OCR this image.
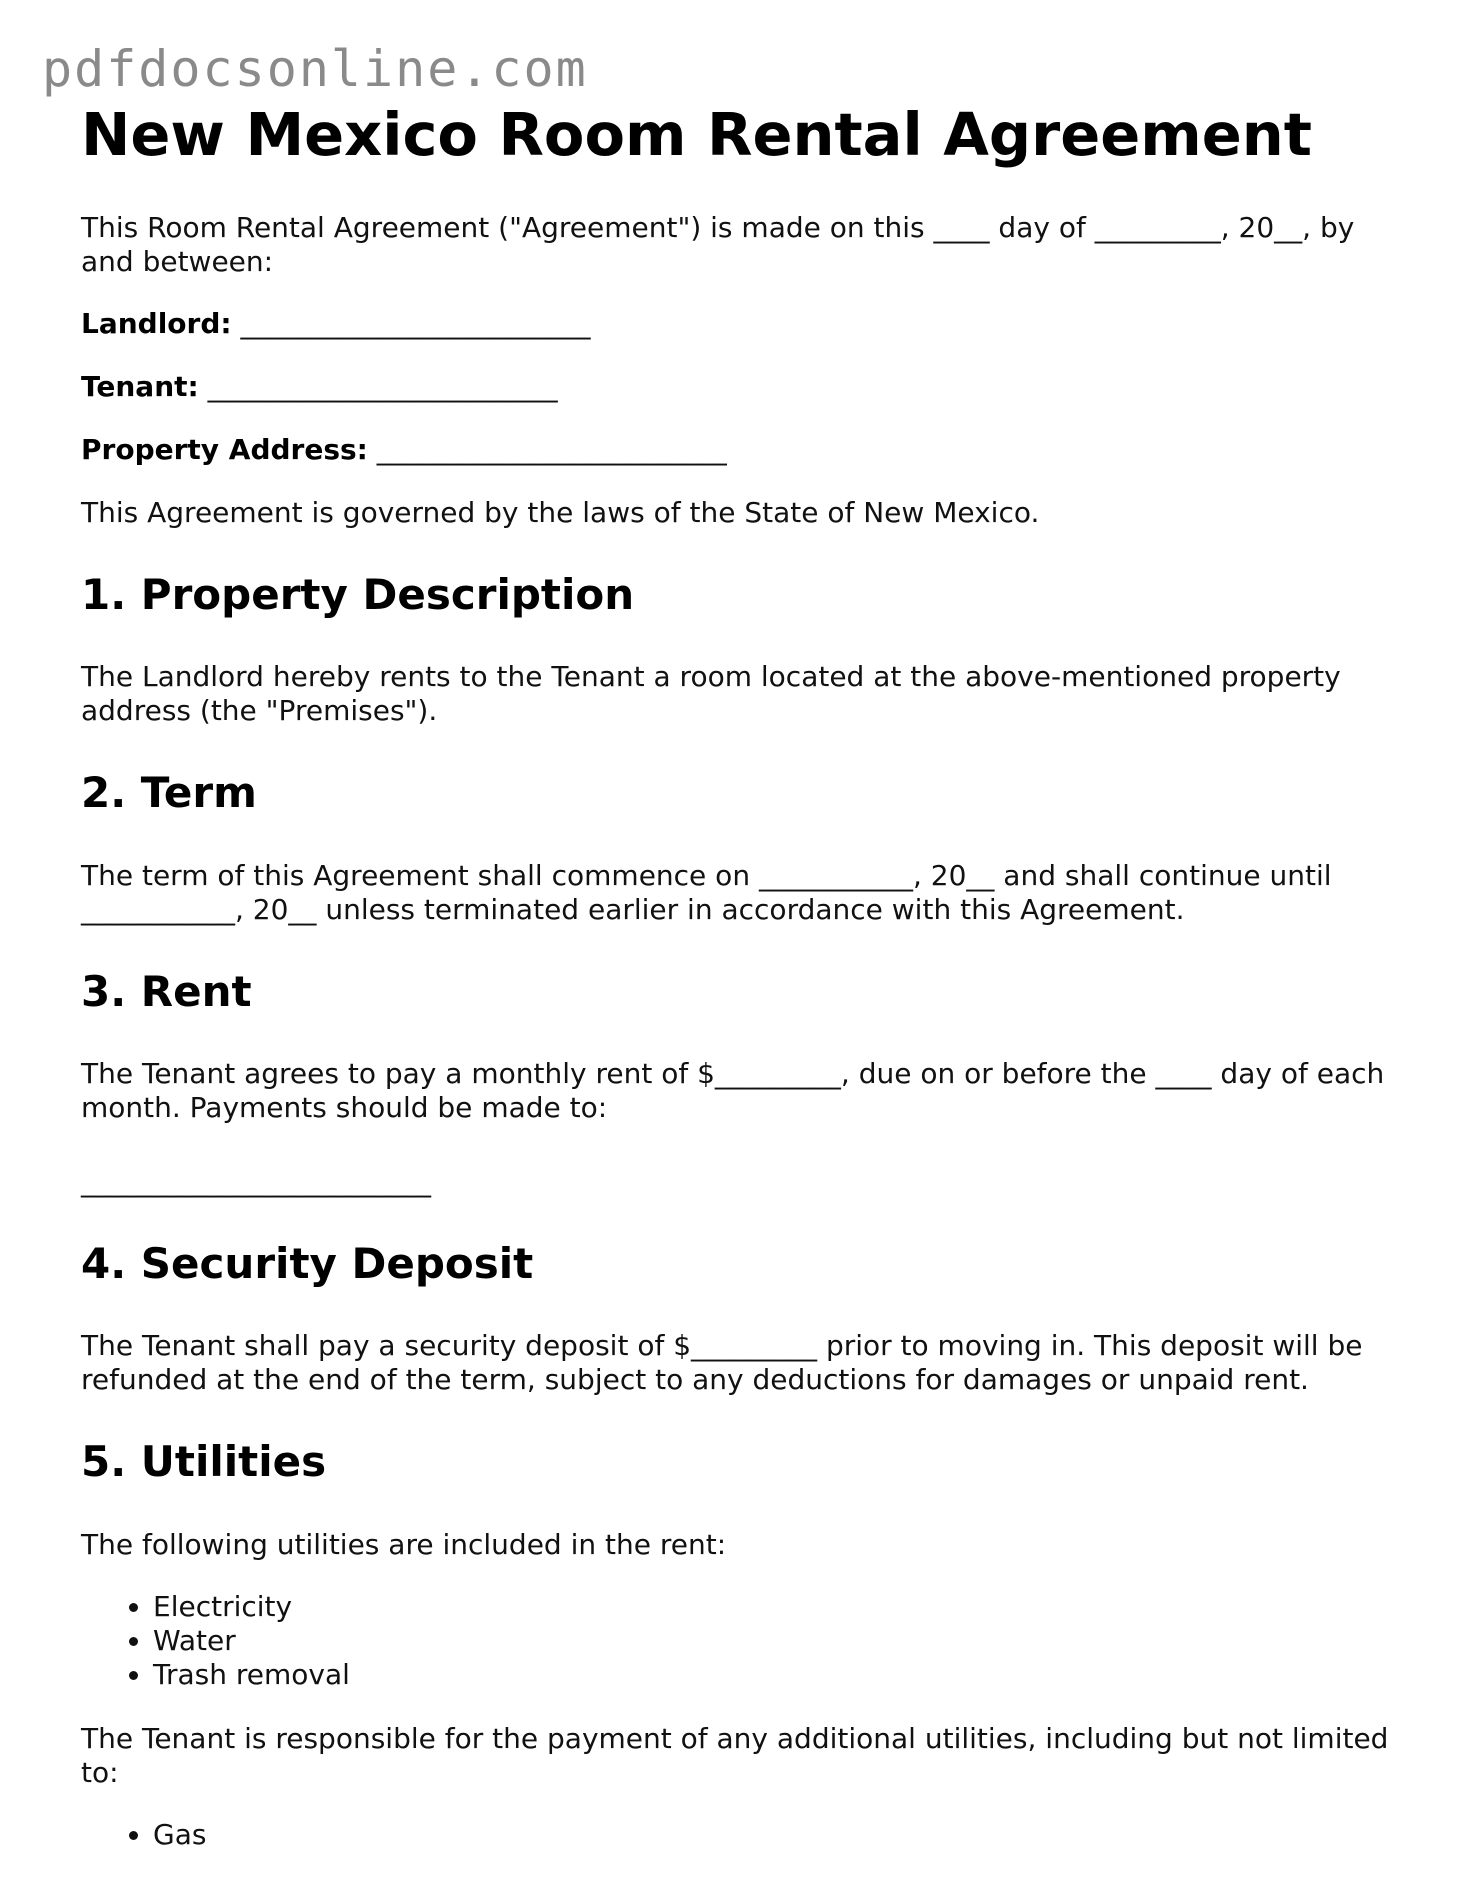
pdfdocsonline.com
New Mexico Room Rental Agreement

This Room Rental Agreement ("Agreement") is made on this ____ day of _________, 20__, by and between:

Landlord: _________________________
Tenant: _________________________
Property Address: _________________________

This Agreement is governed by the laws of the State of New Mexico.

1. Property Description

The Landlord hereby rents to the Tenant a room located at the above-mentioned property address (the "Premises").

2. Term

The term of this Agreement shall commence on ___________, 20__ and shall continue until ___________, 20__ unless terminated earlier in accordance with this Agreement.

3. Rent

The Tenant agrees to pay a monthly rent of $_________, due on or before the ____ day of each month. Payments should be made to:

_________________________
4. Security Deposit

The Tenant shall pay a security deposit of $_________ prior to moving in. This deposit will be refunded at the end of the term, subject to any deductions for damages or unpaid rent.

5. Utilities

The following utilities are included in the rent:

• Electricity
• Water
• Trash removal

The Tenant is responsible for the payment of any additional utilities, including but not limited to:

• Gas
